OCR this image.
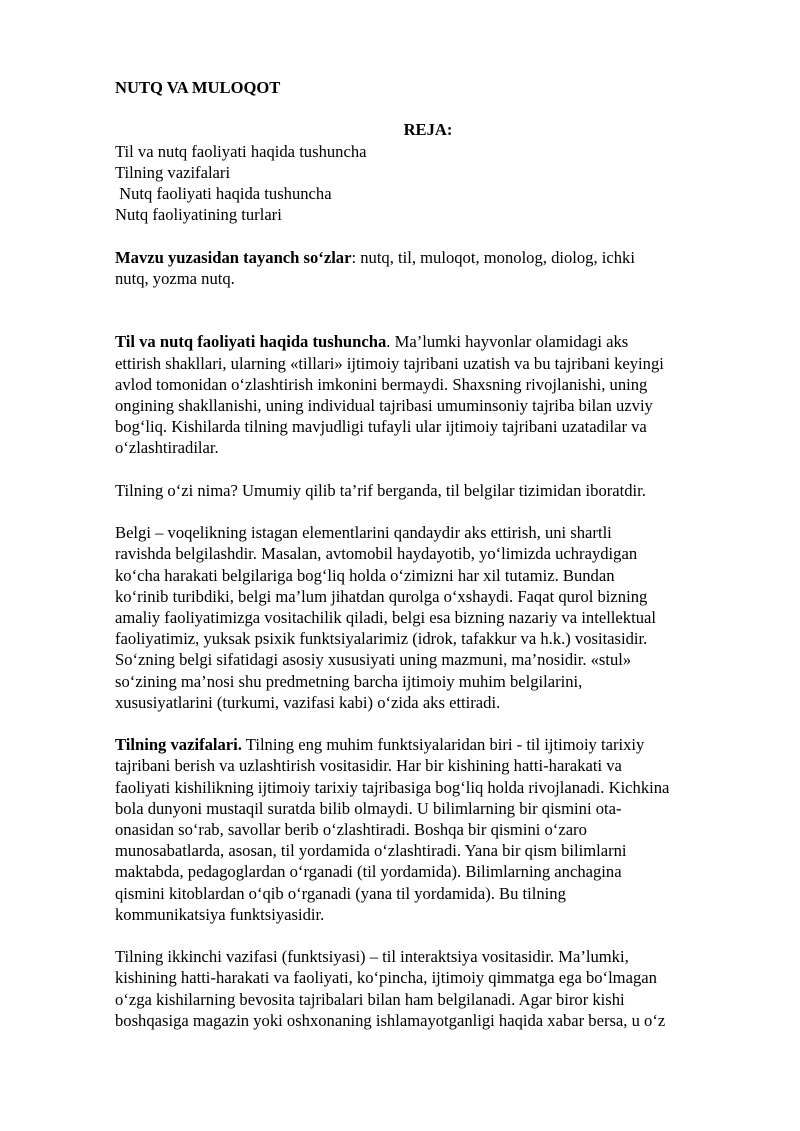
NUTQ VA MULOQOT
REJA:
Til va nutq faoliyati haqida tushuncha
Tilning vazifalari
Nutq faoliyati haqida tushuncha
Nutq faoliyatining turlari

Mavzu yuzasidan tayanch so‘zlar: nutq, til, muloqot, monolog, diolog, ichki
nutq, yozma nutq.

Til va nutq faoliyati haqida tushuncha. Ma’lumki hayvonlar olamidagi aks
ettirish shakllari, ularning «tillari» ijtimoiy tajribani uzatish va bu tajribani keyingi
avlod tomonidan o‘zlashtirish imkonini bermaydi. Shaxsning rivojlanishi, uning
ongining shakllanishi, uning individual tajribasi umuminsoniy tajriba bilan uzviy
bog‘liq. Kishilarda tilning mavjudligi tufayli ular ijtimoiy tajribani uzatadilar va
o‘zlashtiradilar.

Tilning o‘zi nima? Umumiy qilib ta’rif berganda, til belgilar tizimidan iboratdir.

Belgi – voqelikning istagan elementlarini qandaydir aks ettirish, uni shartli
ravishda belgilashdir. Masalan, avtomobil haydayotib, yo‘limizda uchraydigan
ko‘cha harakati belgilariga bog‘liq holda o‘zimizni har xil tutamiz. Bundan
ko‘rinib turibdiki, belgi ma’lum jihatdan qurolga o‘xshaydi. Faqat qurol bizning
amaliy faoliyatimizga vositachilik qiladi, belgi esa bizning nazariy va intellektual
faoliyatimiz, yuksak psixik funktsiyalarimiz (idrok, tafakkur va h.k.) vositasidir.
So‘zning belgi sifatidagi asosiy xususiyati uning mazmuni, ma’nosidir. «stul»
so‘zining ma’nosi shu predmetning barcha ijtimoiy muhim belgilarini,
xususiyatlarini (turkumi, vazifasi kabi) o‘zida aks ettiradi.

Tilning vazifalari. Tilning eng muhim funktsiyalaridan biri - til ijtimoiy tarixiy
tajribani berish va uzlashtirish vositasidir. Har bir kishining hatti-harakati va
faoliyati kishilikning ijtimoiy tarixiy tajribasiga bog‘liq holda rivojlanadi. Kichkina
bola dunyoni mustaqil suratda bilib olmaydi. U bilimlarning bir qismini ota-
onasidan so‘rab, savollar berib o‘zlashtiradi. Boshqa bir qismini o‘zaro
munosabatlarda, asosan, til yordamida o‘zlashtiradi. Yana bir qism bilimlarni
maktabda, pedagoglardan o‘rganadi (til yordamida). Bilimlarning anchagina
qismini kitoblardan o‘qib o‘rganadi (yana til yordamida). Bu tilning
kommunikatsiya funktsiyasidir.

Tilning ikkinchi vazifasi (funktsiyasi) – til interaktsiya vositasidir. Ma’lumki,
kishining hatti-harakati va faoliyati, ko‘pincha, ijtimoiy qimmatga ega bo‘lmagan
o‘zga kishilarning bevosita tajribalari bilan ham belgilanadi. Agar biror kishi
boshqasiga magazin yoki oshxonaning ishlamayotganligi haqida xabar bersa, u o‘z
